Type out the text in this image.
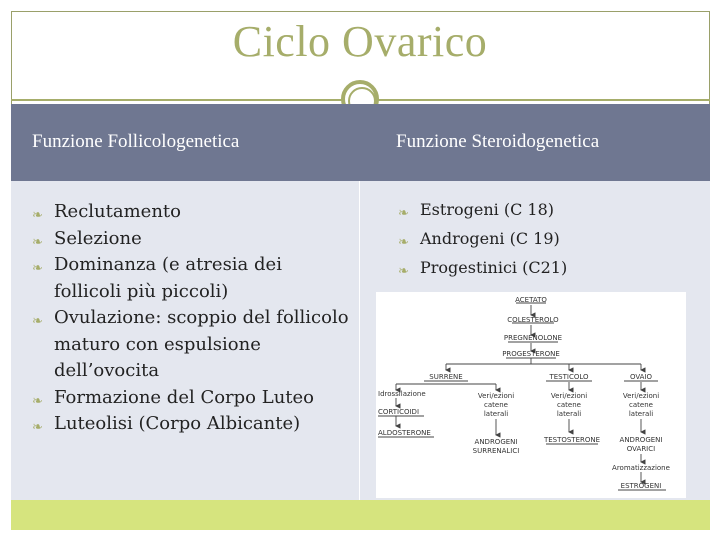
Ciclo Ovarico
Funzione Follicologenetica	Funzione Steroidogenetica
❧ Reclutamento
❧ Selezione
❧ Dominanza (e atresia dei follicoli più piccoli)
❧ Ovulazione: scoppio del follicolo maturo con espulsione dell’ovocita
❧ Formazione del Corpo Luteo
❧ Luteolisi (Corpo Albicante)
❧ Estrogeni (C 18)
❧ Androgeni (C 19)
❧ Progestinici (C21)
ACETATO
COLESTEROLO
PREGNENOLONE
PROGESTERONE
SURRENE	TESTICOLO	OVAIO
Idrossilazione
CORTICOIDI
ALDOSTERONE
Veri/ezioni
catene
laterali
Veri/ezioni
catene
laterali
Veri/ezioni
catene
laterali
ANDROGENI
SURRENALICI
TESTOSTERONE	ANDROGENI
OVARICI
Aromatizzazione
ESTROGENI
